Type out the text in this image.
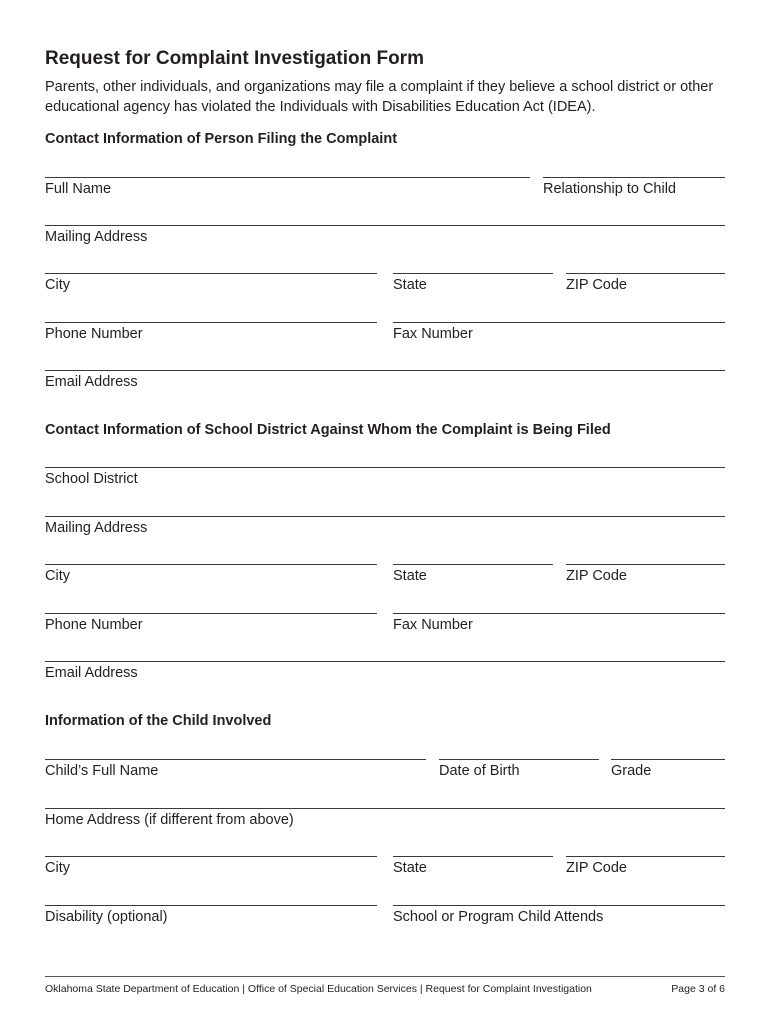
Request for Complaint Investigation Form
Parents, other individuals, and organizations may file a complaint if they believe a school district or other educational agency has violated the Individuals with Disabilities Education Act (IDEA).
Contact Information of Person Filing the Complaint
Full Name	Relationship to Child
Mailing Address
City	State	ZIP Code
Phone Number	Fax Number
Email Address
Contact Information of School District Against Whom the Complaint is Being Filed
School District
Mailing Address
City	State	ZIP Code
Phone Number	Fax Number
Email Address
Information of the Child Involved
Child’s Full Name	Date of Birth	Grade
Home Address (if different from above)
City	State	ZIP Code
Disability (optional)	School or Program Child Attends
Oklahoma State Department of Education | Office of Special Education Services | Request for Complaint Investigation	Page 3 of 6
